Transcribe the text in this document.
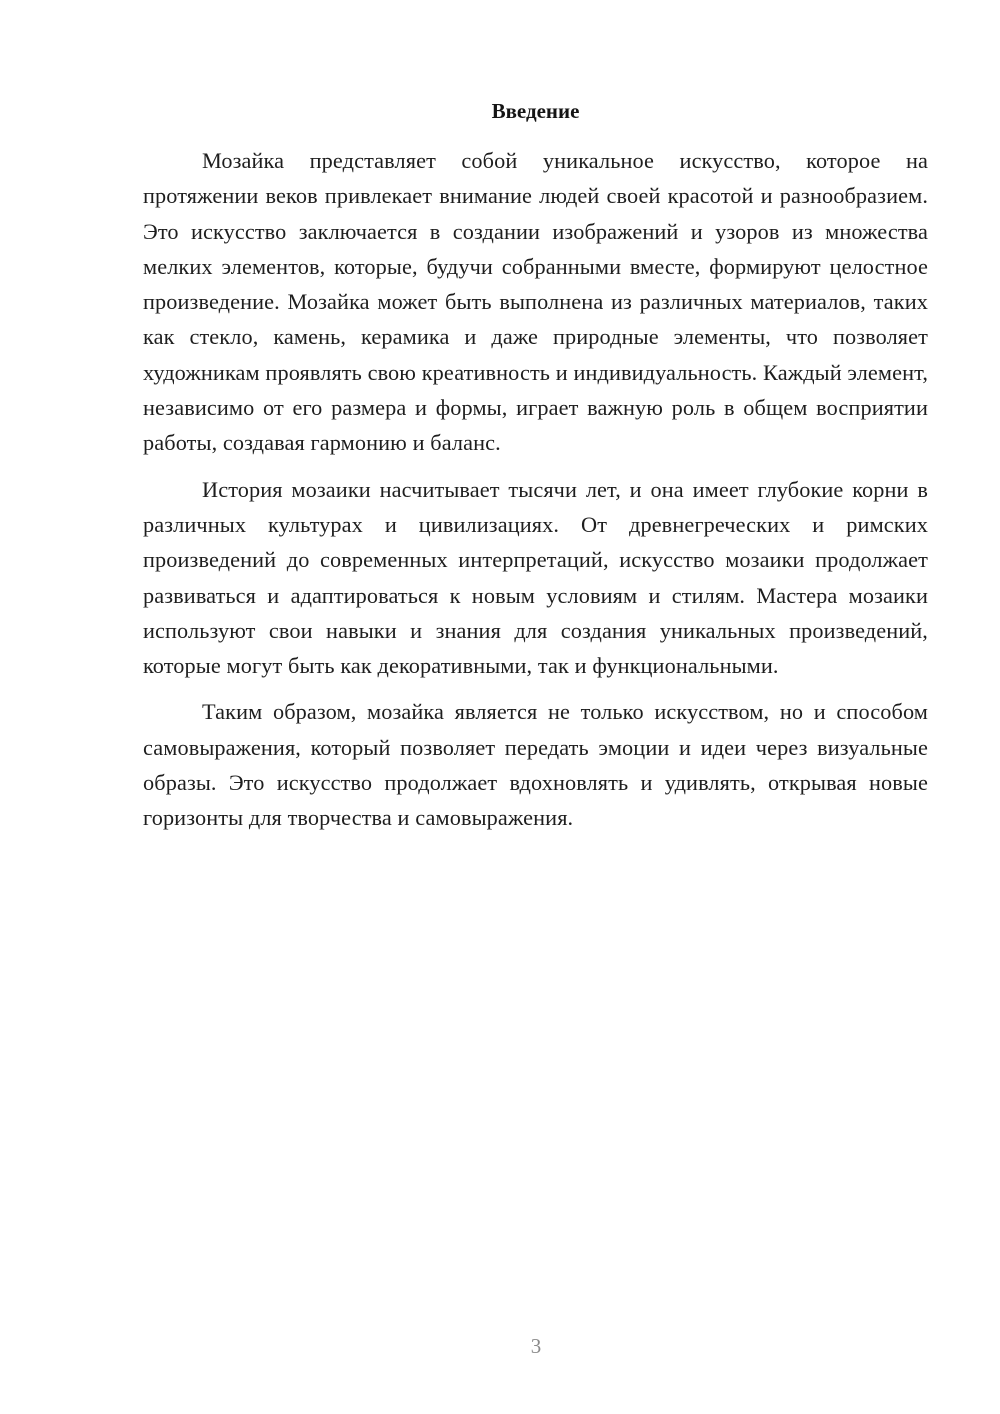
Введение

Мозайка представляет собой уникальное искусство, которое на протяжении веков привлекает внимание людей своей красотой и разнообразием. Это искусство заключается в создании изображений и узоров из множества мелких элементов, которые, будучи собранными вместе, формируют целостное произведение. Мозайка может быть выполнена из различных материалов, таких как стекло, камень, керамика и даже природные элементы, что позволяет художникам проявлять свою креативность и индивидуальность. Каждый элемент, независимо от его размера и формы, играет важную роль в общем восприятии работы, создавая гармонию и баланс.

История мозаики насчитывает тысячи лет, и она имеет глубокие корни в различных культурах и цивилизациях. От древнегреческих и римских произведений до современных интерпретаций, искусство мозаики продолжает развиваться и адаптироваться к новым условиям и стилям. Мастера мозаики используют свои навыки и знания для создания уникальных произведений, которые могут быть как декоративными, так и функциональными.

Таким образом, мозайка является не только искусством, но и способом самовыражения, который позволяет передать эмоции и идеи через визуальные образы. Это искусство продолжает вдохновлять и удивлять, открывая новые горизонты для творчества и самовыражения.

3
